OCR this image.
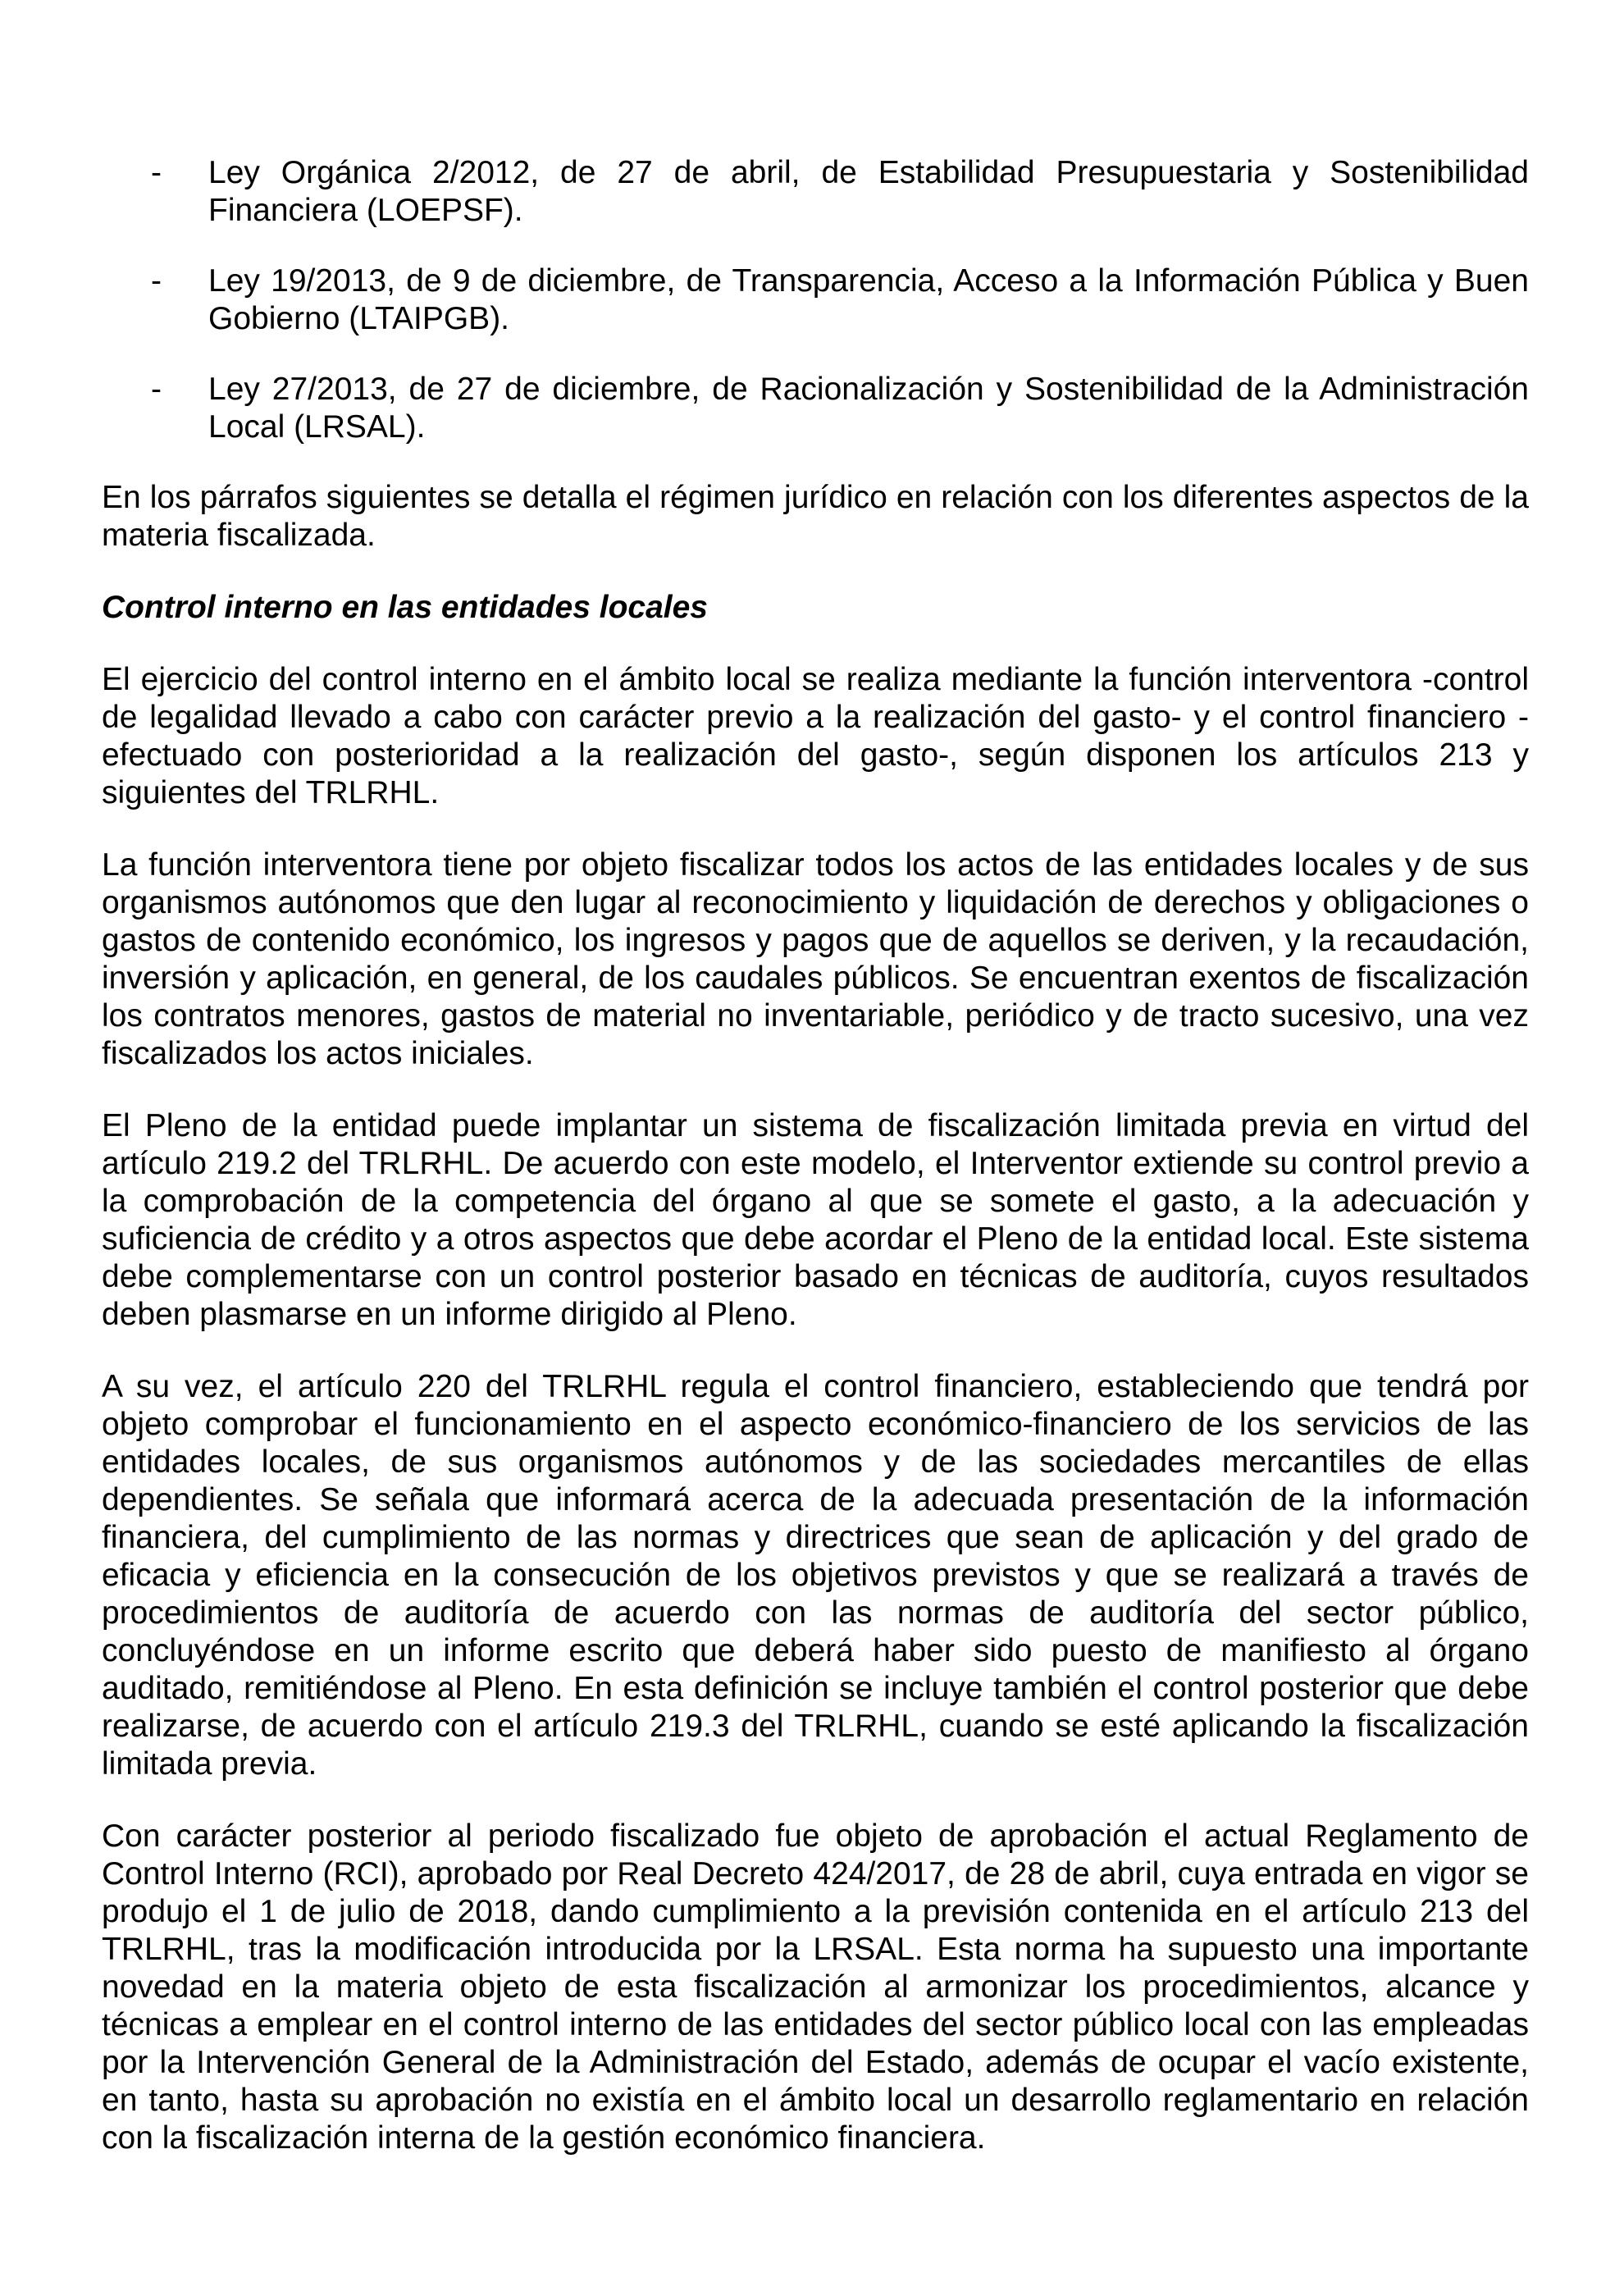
- Ley Orgánica 2/2012, de 27 de abril, de Estabilidad Presupuestaria y Sostenibilidad Financiera (LOEPSF).
- Ley 19/2013, de 9 de diciembre, de Transparencia, Acceso a la Información Pública y Buen Gobierno (LTAIPGB).
- Ley 27/2013, de 27 de diciembre, de Racionalización y Sostenibilidad de la Administración Local (LRSAL).

En los párrafos siguientes se detalla el régimen jurídico en relación con los diferentes aspectos de la materia fiscalizada.

Control interno en las entidades locales

El ejercicio del control interno en el ámbito local se realiza mediante la función interventora -control de legalidad llevado a cabo con carácter previo a la realización del gasto- y el control financiero -efectuado con posterioridad a la realización del gasto-, según disponen los artículos 213 y siguientes del TRLRHL.

La función interventora tiene por objeto fiscalizar todos los actos de las entidades locales y de sus organismos autónomos que den lugar al reconocimiento y liquidación de derechos y obligaciones o gastos de contenido económico, los ingresos y pagos que de aquellos se deriven, y la recaudación, inversión y aplicación, en general, de los caudales públicos. Se encuentran exentos de fiscalización los contratos menores, gastos de material no inventariable, periódico y de tracto sucesivo, una vez fiscalizados los actos iniciales.

El Pleno de la entidad puede implantar un sistema de fiscalización limitada previa en virtud del artículo 219.2 del TRLRHL. De acuerdo con este modelo, el Interventor extiende su control previo a la comprobación de la competencia del órgano al que se somete el gasto, a la adecuación y suficiencia de crédito y a otros aspectos que debe acordar el Pleno de la entidad local. Este sistema debe complementarse con un control posterior basado en técnicas de auditoría, cuyos resultados deben plasmarse en un informe dirigido al Pleno.

A su vez, el artículo 220 del TRLRHL regula el control financiero, estableciendo que tendrá por objeto comprobar el funcionamiento en el aspecto económico-financiero de los servicios de las entidades locales, de sus organismos autónomos y de las sociedades mercantiles de ellas dependientes. Se señala que informará acerca de la adecuada presentación de la información financiera, del cumplimiento de las normas y directrices que sean de aplicación y del grado de eficacia y eficiencia en la consecución de los objetivos previstos y que se realizará a través de procedimientos de auditoría de acuerdo con las normas de auditoría del sector público, concluyéndose en un informe escrito que deberá haber sido puesto de manifiesto al órgano auditado, remitiéndose al Pleno. En esta definición se incluye también el control posterior que debe realizarse, de acuerdo con el artículo 219.3 del TRLRHL, cuando se esté aplicando la fiscalización limitada previa.

Con carácter posterior al periodo fiscalizado fue objeto de aprobación el actual Reglamento de Control Interno (RCI), aprobado por Real Decreto 424/2017, de 28 de abril, cuya entrada en vigor se produjo el 1 de julio de 2018, dando cumplimiento a la previsión contenida en el artículo 213 del TRLRHL, tras la modificación introducida por la LRSAL. Esta norma ha supuesto una importante novedad en la materia objeto de esta fiscalización al armonizar los procedimientos, alcance y técnicas a emplear en el control interno de las entidades del sector público local con las empleadas por la Intervención General de la Administración del Estado, además de ocupar el vacío existente, en tanto, hasta su aprobación no existía en el ámbito local un desarrollo reglamentario en relación con la fiscalización interna de la gestión económico financiera.
